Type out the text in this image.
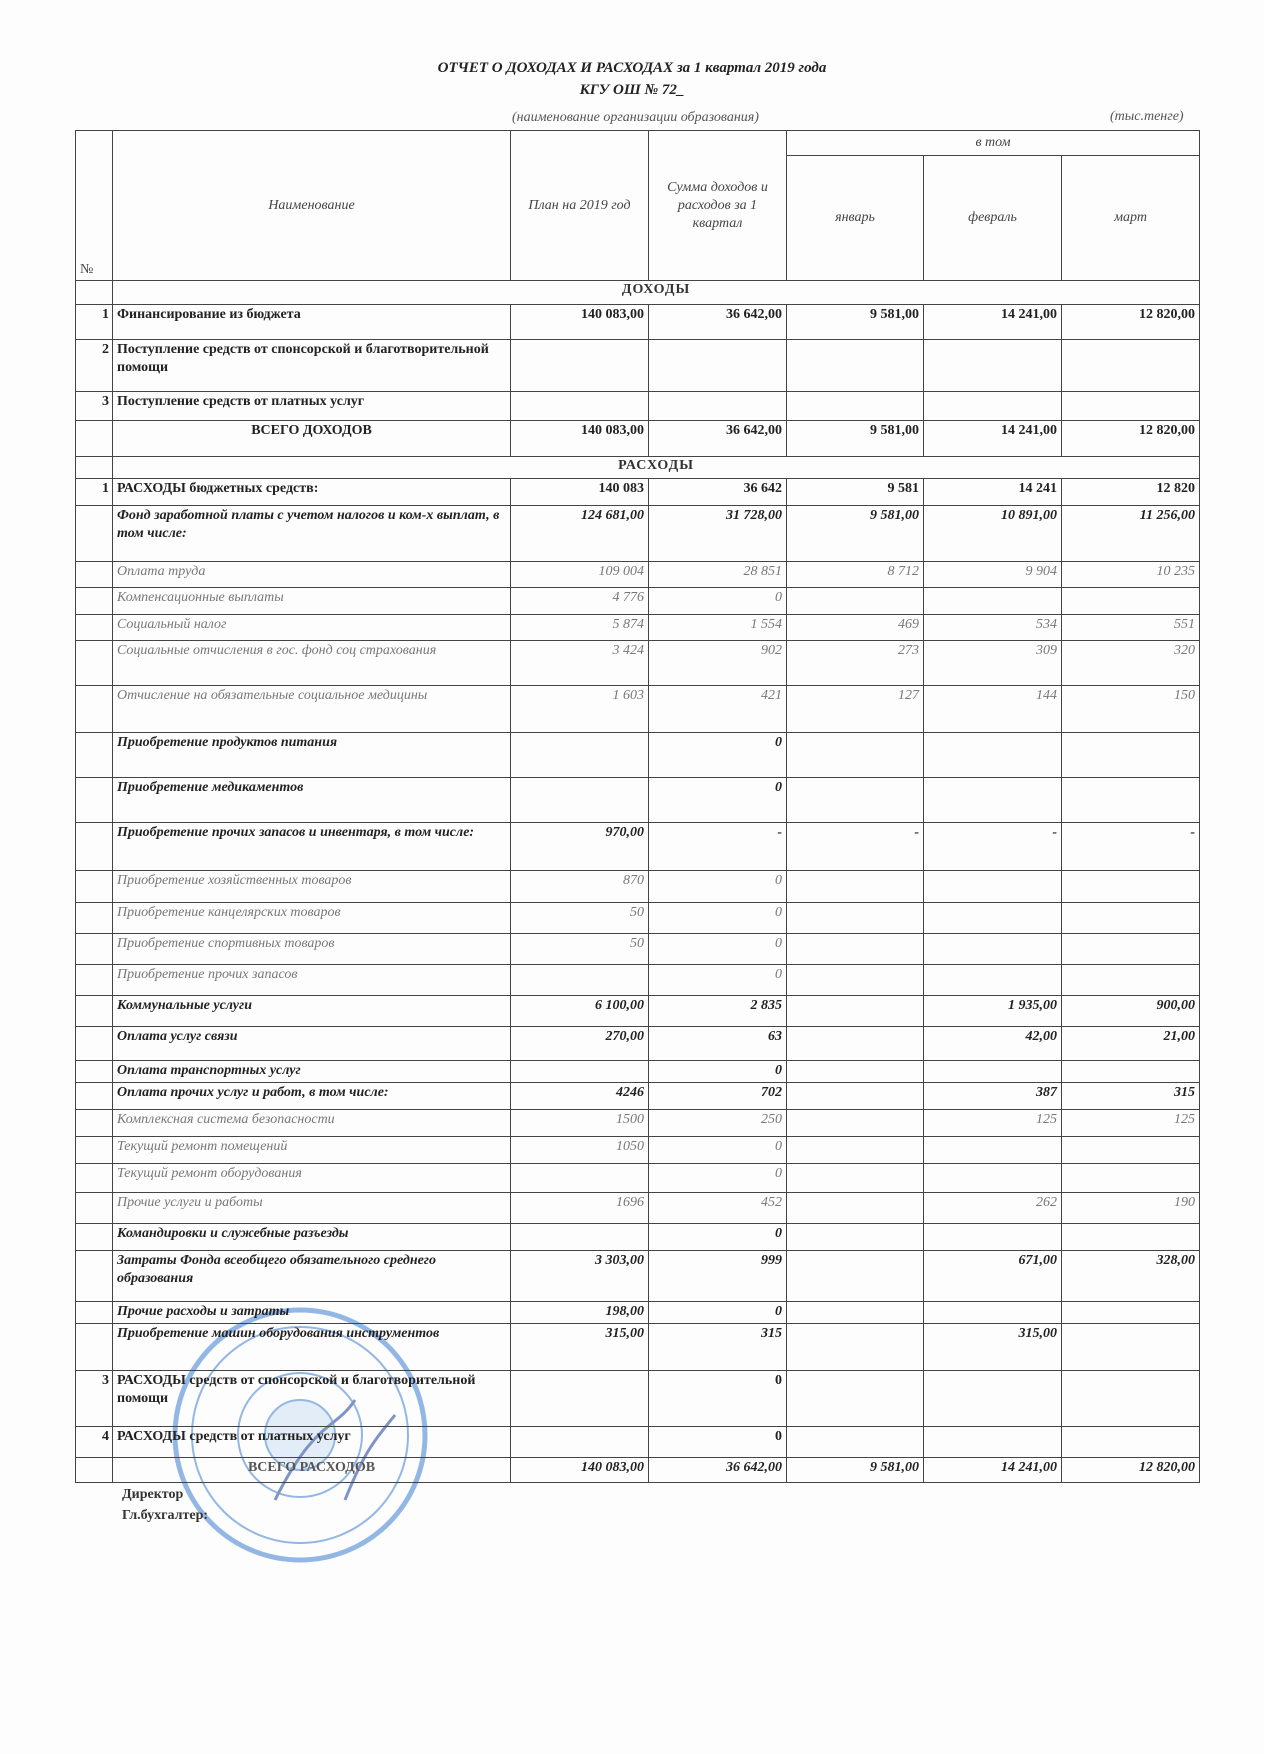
ОТЧЕТ О ДОХОДАХ И РАСХОДАХ за 1 квартал 2019 года
КГУ ОШ № 72_
(наименование организации образования)	(тыс.тенге)
№	Наименование	План на 2019 год	Сумма доходов и расходов за 1 квартал	в том		
				январь	февраль	март
	ДОХОДЫ					
1	Финансирование из бюджета	140 083,00	36 642,00	9 581,00	14 241,00	12 820,00
2	Поступление средств от спонсорской и благотворительной помощи					
3	Поступление средств от платных услуг					
	ВСЕГО ДОХОДОВ	140 083,00	36 642,00	9 581,00	14 241,00	12 820,00
	РАСХОДЫ					
1	РАСХОДЫ бюджетных средств:	140 083	36 642	9 581	14 241	12 820
	Фонд заработной платы с учетом налогов и ком-х выплат, в том числе:	124 681,00	31 728,00	9 581,00	10 891,00	11 256,00
	Оплата труда	109 004	28 851	8 712	9 904	10 235
	Компенсационные выплаты	4 776	0			
	Социальный налог	5 874	1 554	469	534	551
	Социальные отчисления в гос. фонд соц страхования	3 424	902	273	309	320
	Отчисление на обязательные социальное медицины	1 603	421	127	144	150
	Приобретение продуктов питания		0			
	Приобретение медикаментов		0			
	Приобретение прочих запасов и инвентаря, в том числе:	970,00	-	-	-	-
	Приобретение хозяйственных товаров	870	0			
	Приобретение канцелярских товаров	50	0			
	Приобретение спортивных товаров	50	0			
	Приобретение прочих запасов		0			
	Коммунальные услуги	6 100,00	2 835		1 935,00	900,00
	Оплата услуг связи	270,00	63		42,00	21,00
	Оплата транспортных услуг		0			
	Оплата прочих услуг и работ, в том числе:	4246	702		387	315
	Комплексная система безопасности	1500	250		125	125
	Текущий ремонт помещений	1050	0			
	Текущий ремонт оборудования		0			
	Прочие услуги и работы	1696	452		262	190
	Командировки и служебные разъезды		0			
	Затраты Фонда всеобщего обязательного среднего образования	3 303,00	999		671,00	328,00
	Прочие расходы и затраты	198,00	0			
	Приобретение машин оборудования инструментов	315,00	315		315,00	
3	РАСХОДЫ средств от спонсорской и благотворительной помощи		0			
4	РАСХОДЫ средств от платных услуг		0			
	ВСЕГО РАСХОДОВ	140 083,00	36 642,00	9 581,00	14 241,00	12 820,00
Директор
Гл.бухгалтер:
